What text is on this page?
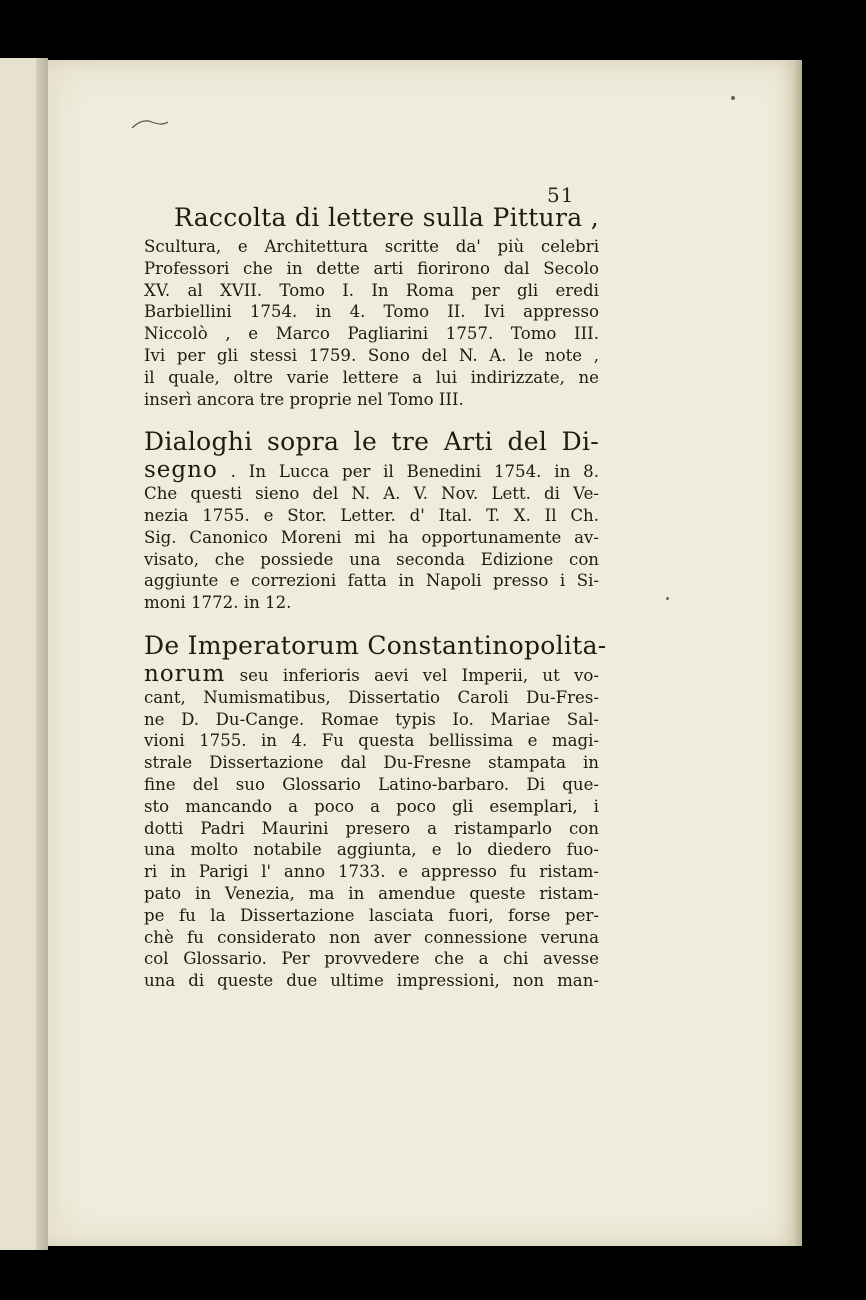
51
Raccolta di lettere sulla Pittura ,
Scultura, e Architettura scritte da' più celebri
Professori che in dette arti fiorirono dal Secolo
XV. al XVII. Tomo I. In Roma per gli eredi
Barbiellini 1754. in 4. Tomo II. Ivi appresso
Niccolò , e Marco Pagliarini 1757. Tomo III.
Ivi per gli stessi 1759. Sono del N. A. le note ,
il quale, oltre varie lettere a lui indirizzate, ne
inserì ancora tre proprie nel Tomo III.
Dialoghi sopra le tre Arti del Di-
segno . In Lucca per il Benedini 1754. in 8.
Che questi sieno del N. A. V. Nov. Lett. di Ve-
nezia 1755. e Stor. Letter. d' Ital. T. X. Il Ch.
Sig. Canonico Moreni mi ha opportunamente av-
visato, che possiede una seconda Edizione con
aggiunte e correzioni fatta in Napoli presso i Si-
moni 1772. in 12.
De Imperatorum Constantinopolita-
norum seu inferioris aevi vel Imperii, ut vo-
cant, Numismatibus, Dissertatio Caroli Du-Fres-
ne D. Du-Cange. Romae typis Io. Mariae Sal-
vioni 1755. in 4. Fu questa bellissima e magi-
strale Dissertazione dal Du-Fresne stampata in
fine del suo Glossario Latino-barbaro. Di que-
sto mancando a poco a poco gli esemplari, i
dotti Padri Maurini presero a ristamparlo con
una molto notabile aggiunta, e lo diedero fuo-
ri in Parigi l' anno 1733. e appresso fu ristam-
pato in Venezia, ma in amendue queste ristam-
pe fu la Dissertazione lasciata fuori, forse per-
chè fu considerato non aver connessione veruna
col Glossario. Per provvedere che a chi avesse
una di queste due ultime impressioni, non man-
